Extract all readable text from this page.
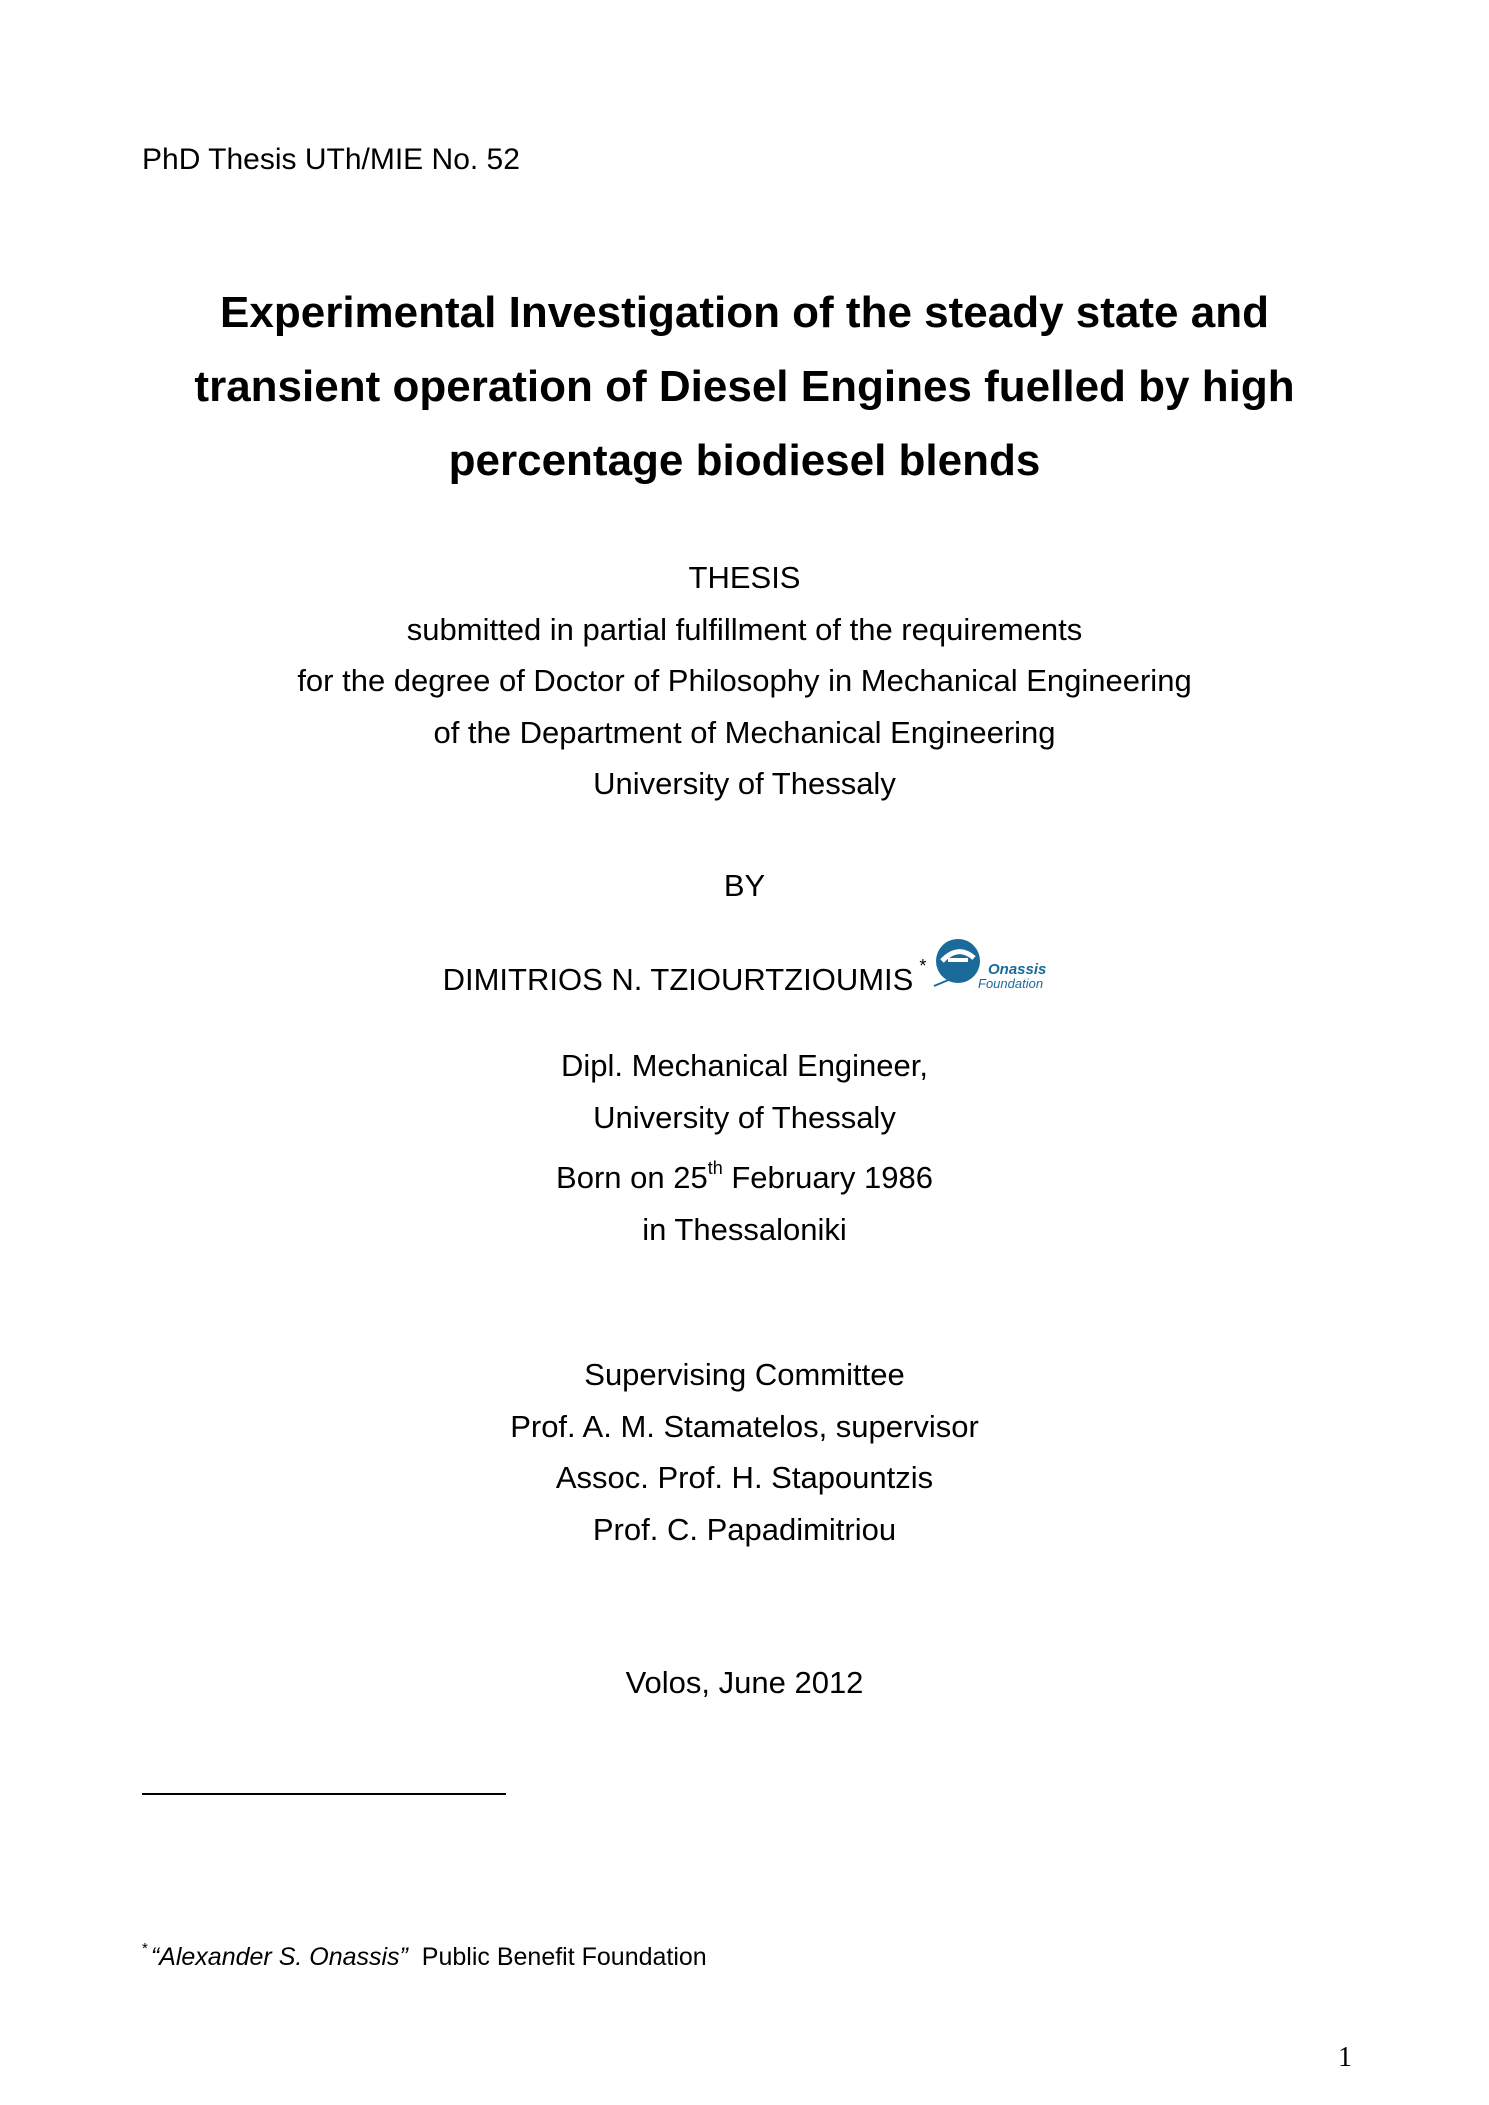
PhD Thesis UTh/MIE No. 52
Experimental Investigation of the steady state and
transient operation of Diesel Engines fuelled by high
percentage biodiesel blends
THESIS
submitted in partial fulfillment of the requirements
for the degree of Doctor of Philosophy in Mechanical Engineering
of the Department of Mechanical Engineering
University of Thessaly
BY
DIMITRIOS N. TZIOURTZIOUMIS *	Onassis
Foundation
Dipl. Mechanical Engineer,
University of Thessaly
Born on 25th February 1986
in Thessaloniki
Supervising Committee
Prof. A. M. Stamatelos, supervisor
Assoc. Prof. H. Stapountzis
Prof. C. Papadimitriou
Volos, June 2012
* “Alexander S. Onassis” Public Benefit Foundation
1
